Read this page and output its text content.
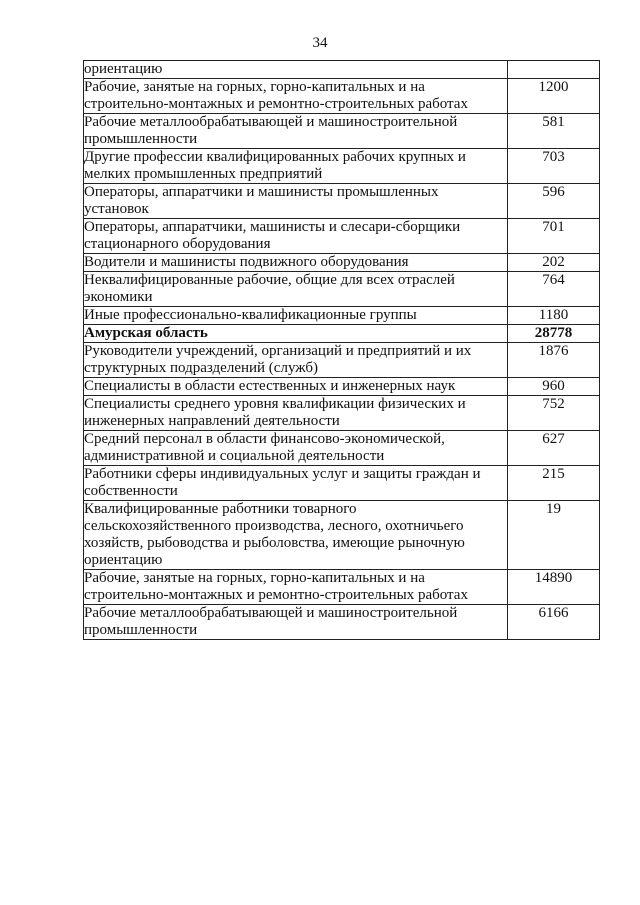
34
ориентацию	
Рабочие, занятые на горных, горно-капитальных и на строительно-монтажных и ремонтно-строительных работах	1200
Рабочие металлообрабатывающей и машиностроительной промышленности	581
Другие профессии квалифицированных рабочих крупных и мелких промышленных предприятий	703
Операторы, аппаратчики и машинисты промышленных установок	596
Операторы, аппаратчики, машинисты и слесари-сборщики стационарного оборудования	701
Водители и машинисты подвижного оборудования	202
Неквалифицированные рабочие, общие для всех отраслей экономики	764
Иные профессионально-квалификационные группы	1180
Амурская область	28778
Руководители учреждений, организаций и предприятий и их структурных подразделений (служб)	1876
Специалисты в области естественных и инженерных наук	960
Специалисты среднего уровня квалификации физических и инженерных направлений деятельности	752
Средний персонал в области финансово-экономической, административной и социальной деятельности	627
Работники сферы индивидуальных услуг и защиты граждан и собственности	215
Квалифицированные работники товарного сельскохозяйственного производства, лесного, охотничьего хозяйств, рыбоводства и рыболовства, имеющие рыночную ориентацию	19
Рабочие, занятые на горных, горно-капитальных и на строительно-монтажных и ремонтно-строительных работах	14890
Рабочие металлообрабатывающей и машиностроительной промышленности	6166
